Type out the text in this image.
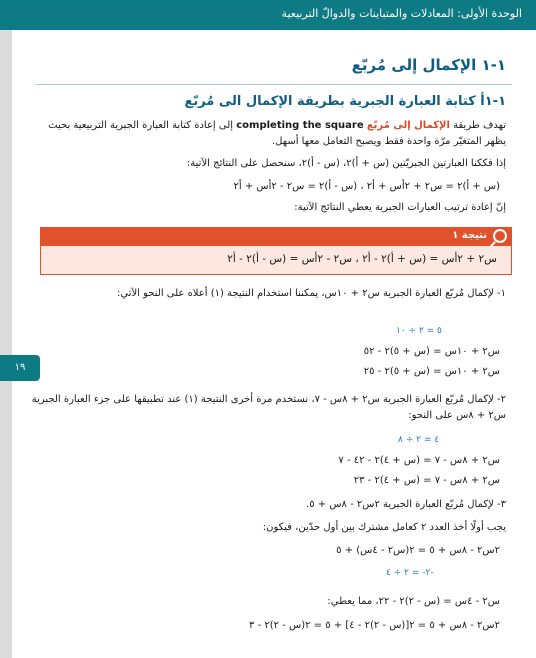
الوحدة الأولى: المعادلات والمتباينات والدوالّ التربيعية
١٩
١-١ الإكمال إلى مُربّع
١-١أ كتابة العبارة الجبرية بطريقة الإكمال الى مُربّع
تهدف طريقة الإكمال إلى مُربّع completing the square إلى إعادة كتابة العبارة الجبرية التربيعية بحيث يظهر المتغيّر مرّة واحدة فقط ويصبح التعامل معها أسهل.
إذا فككنا العبارتين الجبريّتين (س + أ)٢، (س - أ)٢، سنحصل على النتائج الآتية:
(س + أ)٢ = س٢ + ٢أس + أ٢ ، (س - أ)٢ = س٢ - ٢أس + أ٢
إنّ إعادة ترتيب العبارات الجبرية يعطي النتائج الآتية:
نتيجة ١
س٢ + ٢أس = (س + أ)٢ - أ٢ ، س٢ - ٢أس = (س - أ)٢ - أ٢
١- لإكمال مُربّع العبارة الجبرية س٢ + ١٠س، يمكننا استخدام النتيجة (١) أعلاه على النحو الآتي:
٥ = ٢ ÷ ١٠
س٢ + ١٠س = (س + ٥)٢ - ٥٢
س٢ + ١٠س = (س + ٥)٢ - ٢٥
٢- لإكمال مُربّع العبارة الجبرية س٢ + ٨س - ٧، نستخدم مرة أخرى النتيجة (١) عند تطبيقها على جزء العبارة الجبرية س٢ + ٨س على النحو:
٤ = ٢ ÷ ٨
س٢ + ٨س - ٧ = (س + ٤)٢ - ٤٢ - ٧
س٢ + ٨س - ٧ = (س + ٤)٢ - ٢٣
٣- لإكمال مُربّع العبارة الجبرية ٢س٢ - ٨س + ٥.
يجب أولًا أخذ العدد ٢ كعامل مشترك بين أول حدّين، فيكون:
٢س٢ - ٨س + ٥ = ٢(س٢ - ٤س) + ٥
٢- = ٢ ÷ ٤-
س٢ - ٤س = (س - ٢)٢ - ٢٢، مما يعطي:
٢س٢ - ٨س + ٥ = ٢[(س - ٢)٢ - ٤] + ٥ = ٢(س - ٢)٢ - ٣
